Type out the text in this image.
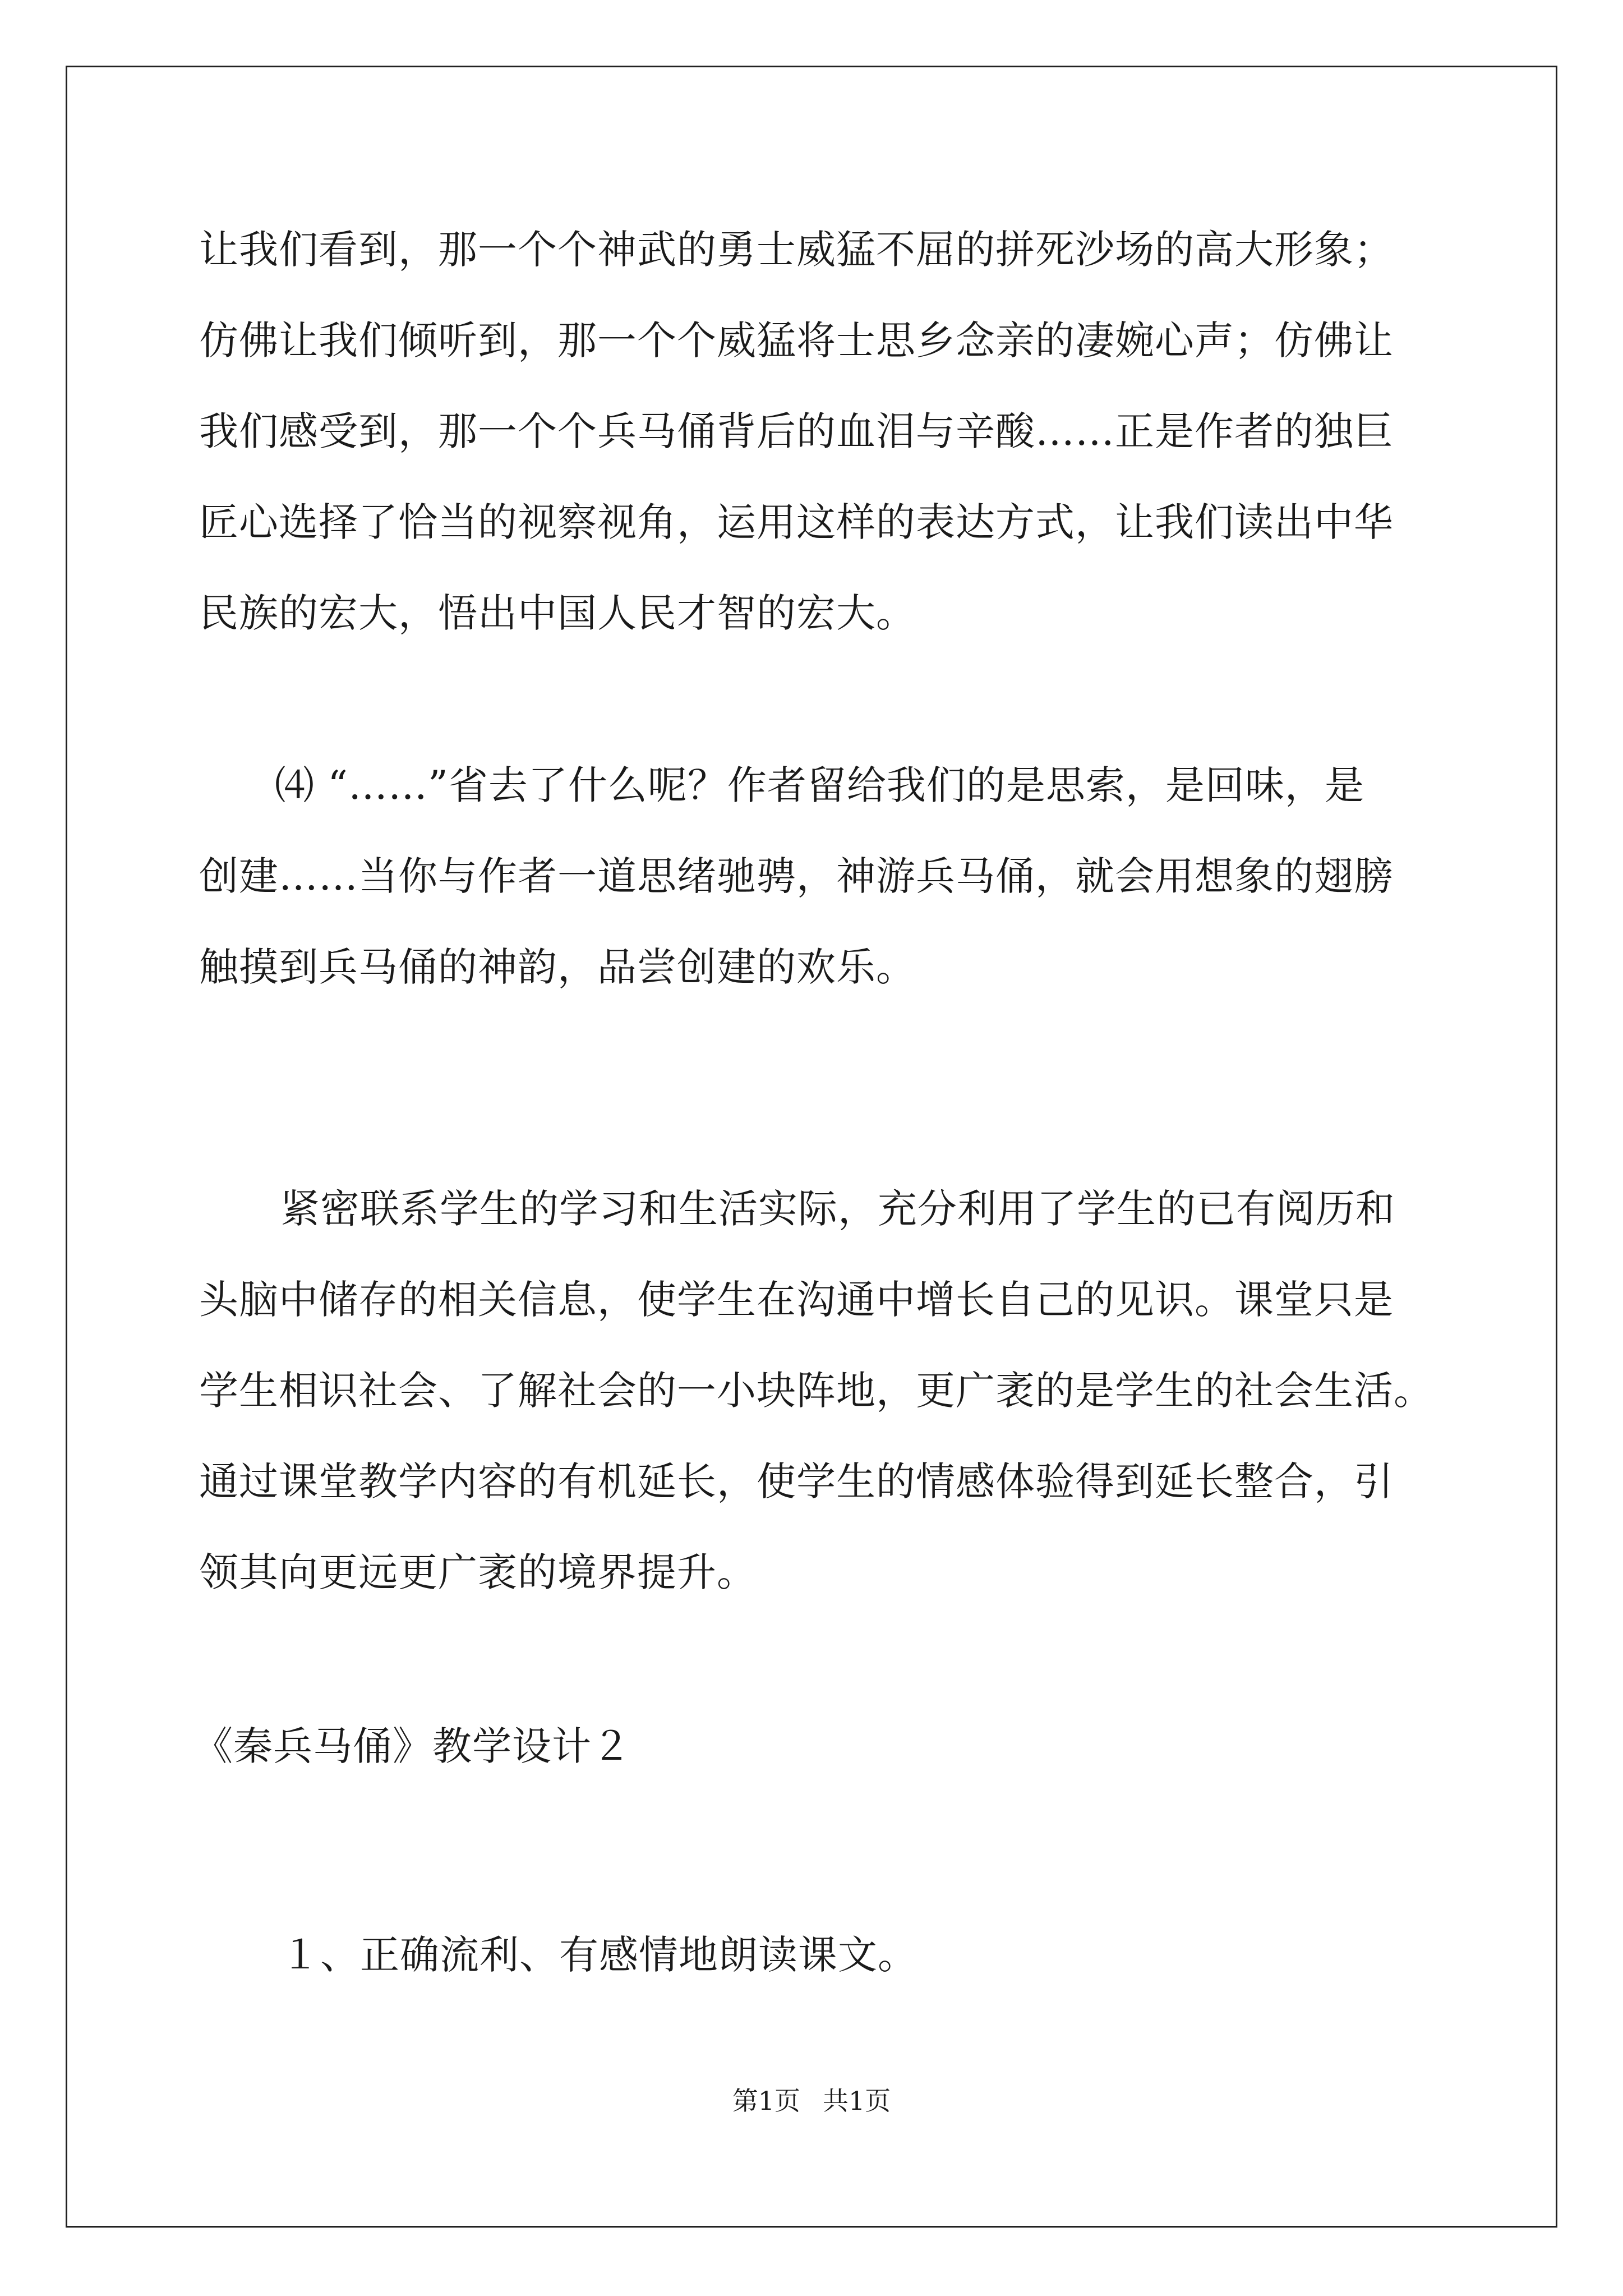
让我们看到，那一个个神武的勇士威猛不屈的拼死沙场的高大形象；
仿佛让我们倾听到，那一个个威猛将士思乡念亲的凄婉心声；仿佛让
我们感受到，那一个个兵马俑背后的血泪与辛酸……正是作者的独巨
匠心选择了恰当的视察视角，运用这样的表达方式，让我们读出中华
民族的宏大，悟出中国人民才智的宏大。
⑷ “……”省去了什么呢？作者留给我们的是思索，是回味，是
创建……当你与作者一道思绪驰骋，神游兵马俑，就会用想象的翅膀
触摸到兵马俑的神韵，品尝创建的欢乐。
紧密联系学生的学习和生活实际，充分利用了学生的已有阅历和
头脑中储存的相关信息，使学生在沟通中增长自己的见识。课堂只是
学生相识社会、了解社会的一小块阵地，更广袤的是学生的社会生活。
通过课堂教学内容的有机延长，使学生的情感体验得到延长整合，引
领其向更远更广袤的境界提升。
《秦兵马俑》教学设计２
１、正确流利、有感情地朗读课文。
第1页 共1页
